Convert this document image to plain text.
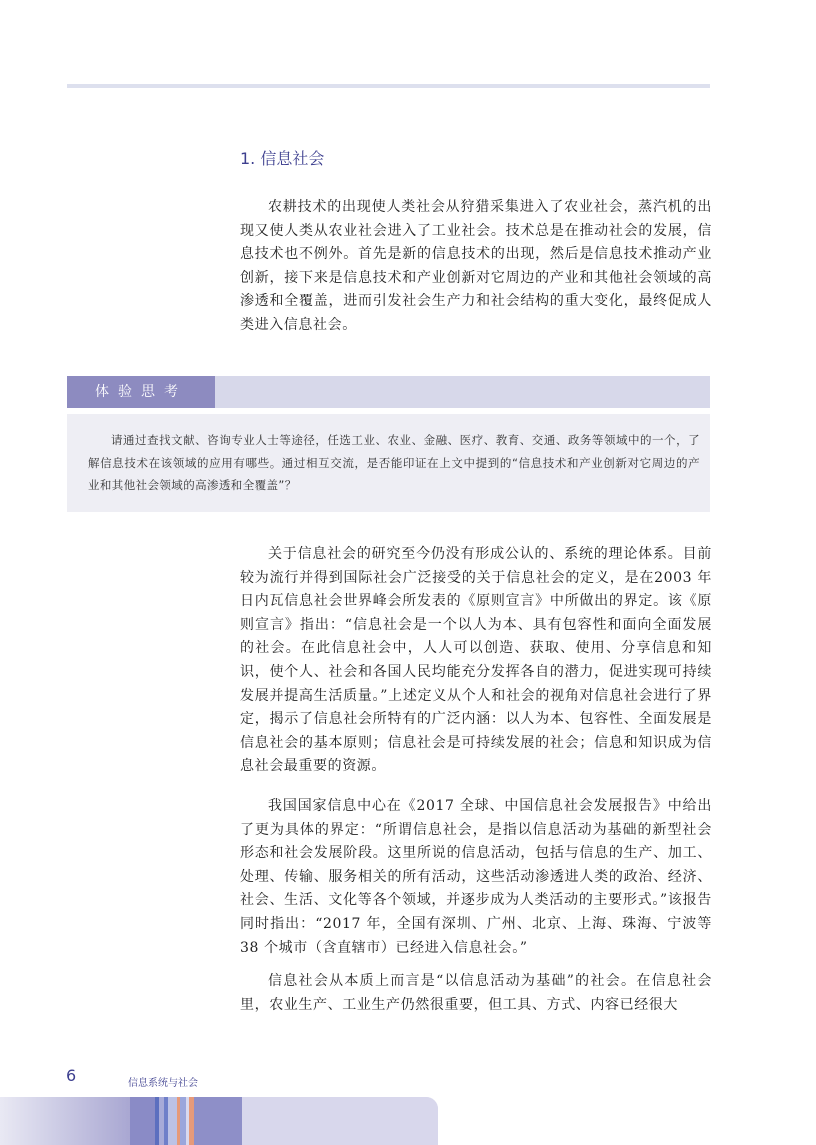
1. 信息社会

农耕技术的出现使人类社会从狩猎采集进入了农业社会，蒸汽机的出现又使人类从农业社会进入了工业社会。技术总是在推动社会的发展，信息技术也不例外。首先是新的信息技术的出现，然后是信息技术推动产业创新，接下来是信息技术和产业创新对它周边的产业和其他社会领域的高渗透和全覆盖，进而引发社会生产力和社会结构的重大变化，最终促成人类进入信息社会。

体验思考

请通过查找文献、咨询专业人士等途径，任选工业、农业、金融、医疗、教育、交通、政务等领域中的一个，了解信息技术在该领域的应用有哪些。通过相互交流，是否能印证在上文中提到的“信息技术和产业创新对它周边的产业和其他社会领域的高渗透和全覆盖”？

关于信息社会的研究至今仍没有形成公认的、系统的理论体系。目前较为流行并得到国际社会广泛接受的关于信息社会的定义，是在2003 年日内瓦信息社会世界峰会所发表的《原则宣言》中所做出的界定。该《原则宣言》指出：“信息社会是一个以人为本、具有包容性和面向全面发展的社会。在此信息社会中，人人可以创造、获取、使用、分享信息和知识，使个人、社会和各国人民均能充分发挥各自的潜力，促进实现可持续发展并提高生活质量。”上述定义从个人和社会的视角对信息社会进行了界定，揭示了信息社会所特有的广泛内涵：以人为本、包容性、全面发展是信息社会的基本原则；信息社会是可持续发展的社会；信息和知识成为信息社会最重要的资源。

我国国家信息中心在《2017 全球、中国信息社会发展报告》中给出了更为具体的界定：“所谓信息社会，是指以信息活动为基础的新型社会形态和社会发展阶段。这里所说的信息活动，包括与信息的生产、加工、处理、传输、服务相关的所有活动，这些活动渗透进人类的政治、经济、社会、生活、文化等各个领域，并逐步成为人类活动的主要形式。”该报告同时指出：“2017 年，全国有深圳、广州、北京、上海、珠海、宁波等 38 个城市（含直辖市）已经进入信息社会。”

信息社会从本质上而言是“以信息活动为基础”的社会。在信息社会里，农业生产、工业生产仍然很重要，但工具、方式、内容已经很大

6	信息系统与社会
